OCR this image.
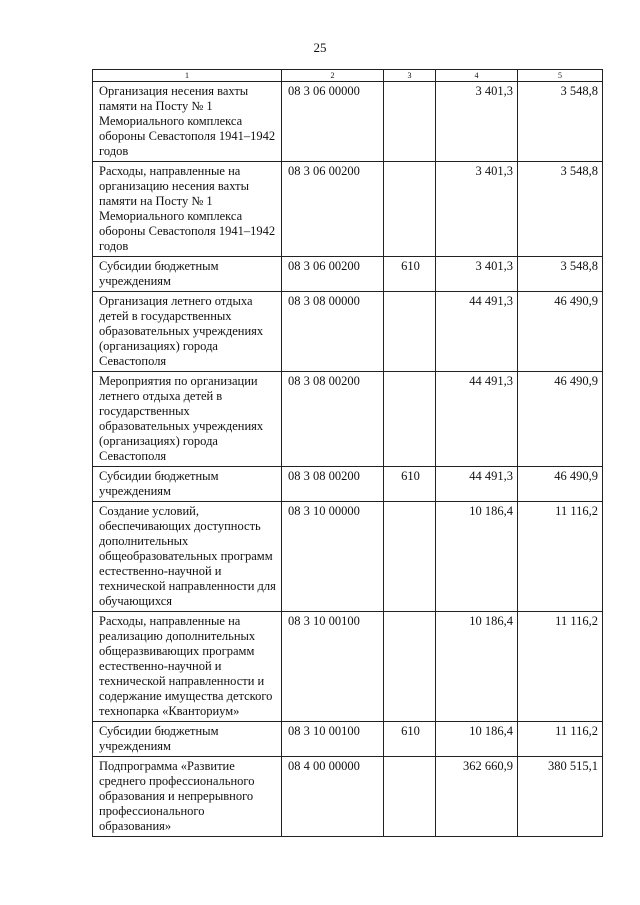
25
1	2	3	4	5
Организация несения вахты памяти на Посту № 1 Мемориального комплекса обороны Севастополя 1941–1942 годов	08 3 06 00000		3 401,3	3 548,8
Расходы, направленные на организацию несения вахты памяти на Посту № 1 Мемориального комплекса обороны Севастополя 1941–1942 годов	08 3 06 00200		3 401,3	3 548,8
Субсидии бюджетным учреждениям	08 3 06 00200	610	3 401,3	3 548,8
Организация летнего отдыха детей в государственных образовательных учреждениях (организациях) города Севастополя	08 3 08 00000		44 491,3	46 490,9
Мероприятия по организации летнего отдыха детей в государственных образовательных учреждениях (организациях) города Севастополя	08 3 08 00200		44 491,3	46 490,9
Субсидии бюджетным учреждениям	08 3 08 00200	610	44 491,3	46 490,9
Создание условий, обеспечивающих доступность дополнительных общеобразовательных программ естественно-научной и технической направленности для обучающихся	08 3 10 00000		10 186,4	11 116,2
Расходы, направленные на реализацию дополнительных общеразвивающих программ естественно-научной и технической направленности и содержание имущества детского технопарка «Кванториум»	08 3 10 00100		10 186,4	11 116,2
Субсидии бюджетным учреждениям	08 3 10 00100	610	10 186,4	11 116,2
Подпрограмма «Развитие среднего профессионального образования и непрерывного профессионального образования»	08 4 00 00000		362 660,9	380 515,1
